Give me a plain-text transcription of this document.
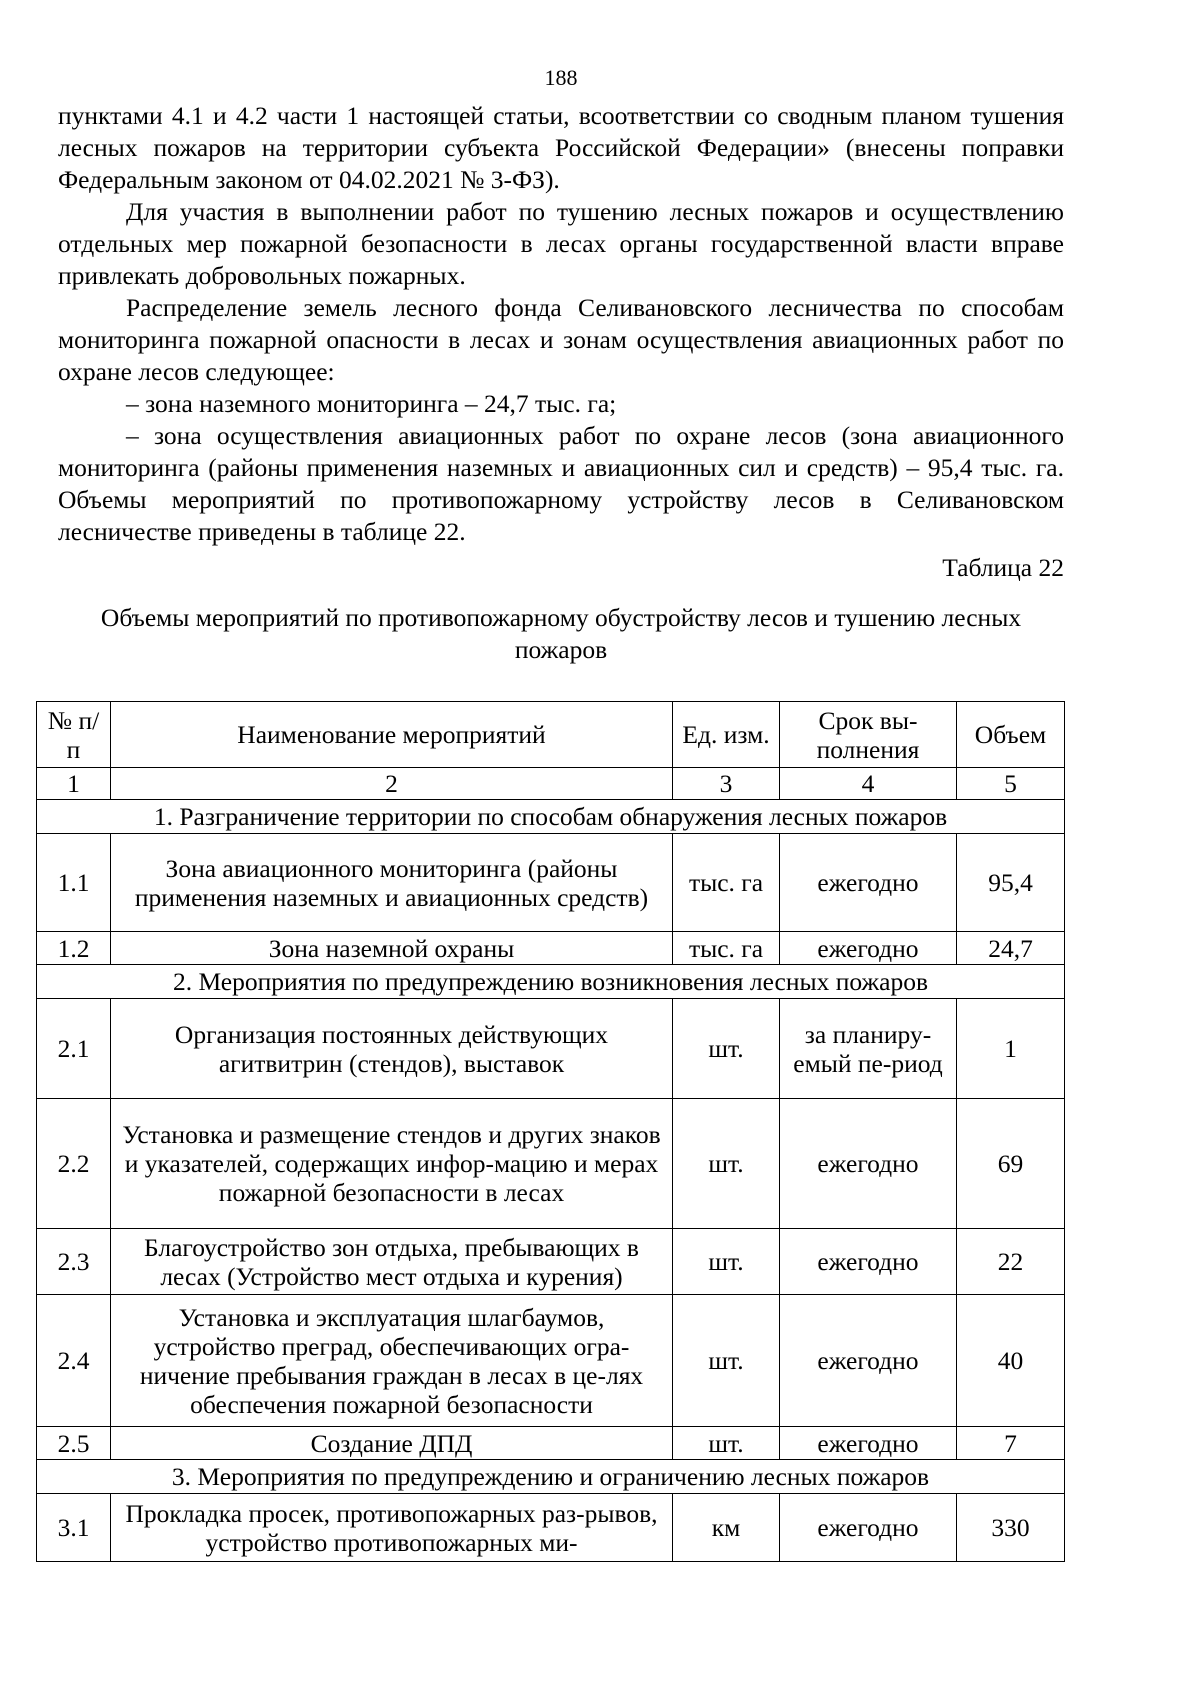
188

пунктами 4.1 и 4.2 части 1 настоящей статьи, всоответствии со сводным планом тушения лесных пожаров на территории субъекта Российской Федерации» (внесены поправки Федеральным законом от 04.02.2021 № 3-ФЗ).

Для участия в выполнении работ по тушению лесных пожаров и осуществлению отдельных мер пожарной безопасности в лесах органы государственной власти вправе привлекать добровольных пожарных.

Распределение земель лесного фонда Селивановского лесничества по способам мониторинга пожарной опасности в лесах и зонам осуществления авиационных работ по охране лесов следующее:

– зона наземного мониторинга – 24,7 тыс. га;

– зона осуществления авиационных работ по охране лесов (зона авиационного мониторинга (районы применения наземных и авиационных сил и средств) – 95,4 тыс. га. Объемы мероприятий по противопожарному устройству лесов в Селивановском лесничестве приведены в таблице 22.

Таблица 22
Объемы мероприятий по противопожарному обустройству лесов и тушению лесных пожаров
№ п/п	Наименование мероприятий	Ед. изм.	Срок вы-полнения	Объем
1	2	3	4	5
1. Разграничение территории по способам обнаружения лесных пожаров				
1.1	Зона авиационного мониторинга (районы применения наземных и авиационных средств)	тыс. га	ежегодно	95,4
1.2	Зона наземной охраны	тыс. га	ежегодно	24,7
2. Мероприятия по предупреждению возникновения лесных пожаров				
2.1	Организация постоянных действующих агитвитрин (стендов), выставок	шт.	за планиру-емый пе-риод	1
2.2	Установка и размещение стендов и других знаков и указателей, содержащих инфор-мацию и мерах пожарной безопасности в лесах	шт.	ежегодно	69
2.3	Благоустройство зон отдыха, пребывающих в лесах (Устройство мест отдыха и курения)	шт.	ежегодно	22
2.4	Установка и эксплуатация шлагбаумов, устройство преград, обеспечивающих огра-ничение пребывания граждан в лесах в це-лях обеспечения пожарной безопасности	шт.	ежегодно	40
2.5	Создание ДПД	шт.	ежегодно	7
3. Мероприятия по предупреждению и ограничению лесных пожаров				
3.1	Прокладка просек, противопожарных раз-рывов, устройство противопожарных ми-	км	ежегодно	330
